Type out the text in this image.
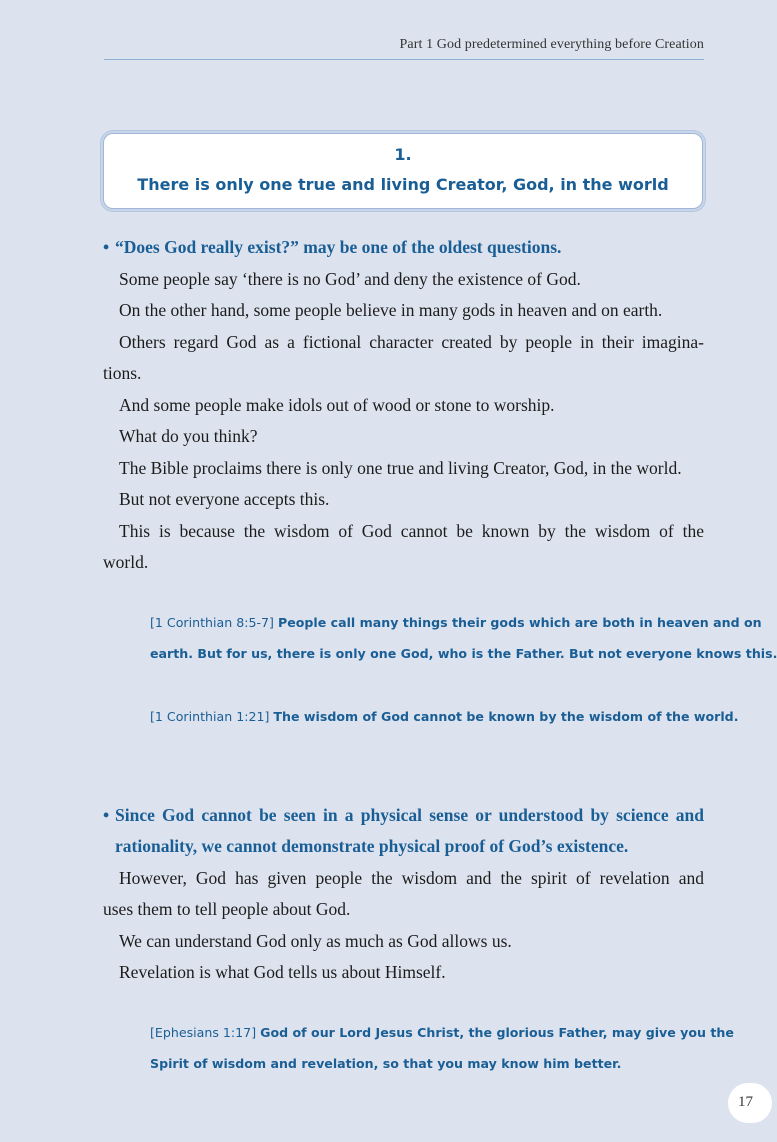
Part 1 God predetermined everything before Creation
1.
There is only one true and living Creator, God, in the world
• “Does God really exist?” may be one of the oldest questions.
Some people say ‘there is no God’ and deny the existence of God.
On the other hand, some people believe in many gods in heaven and on earth.
Others regard God as a fictional character created by people in their imagina-
tions.
And some people make idols out of wood or stone to worship.
What do you think?
The Bible proclaims there is only one true and living Creator, God, in the world.
But not everyone accepts this.
This is because the wisdom of God cannot be known by the wisdom of the
world.
[1 Corinthian 8:5-7] People call many things their gods which are both in heaven and on
earth. But for us, there is only one God, who is the Father. But not everyone knows this.
[1 Corinthian 1:21] The wisdom of God cannot be known by the wisdom of the world.
• Since God cannot be seen in a physical sense or understood by science and
rationality, we cannot demonstrate physical proof of God’s existence.
However, God has given people the wisdom and the spirit of revelation and
uses them to tell people about God.
We can understand God only as much as God allows us.
Revelation is what God tells us about Himself.
[Ephesians 1:17] God of our Lord Jesus Christ, the glorious Father, may give you the
Spirit of wisdom and revelation, so that you may know him better.
17
